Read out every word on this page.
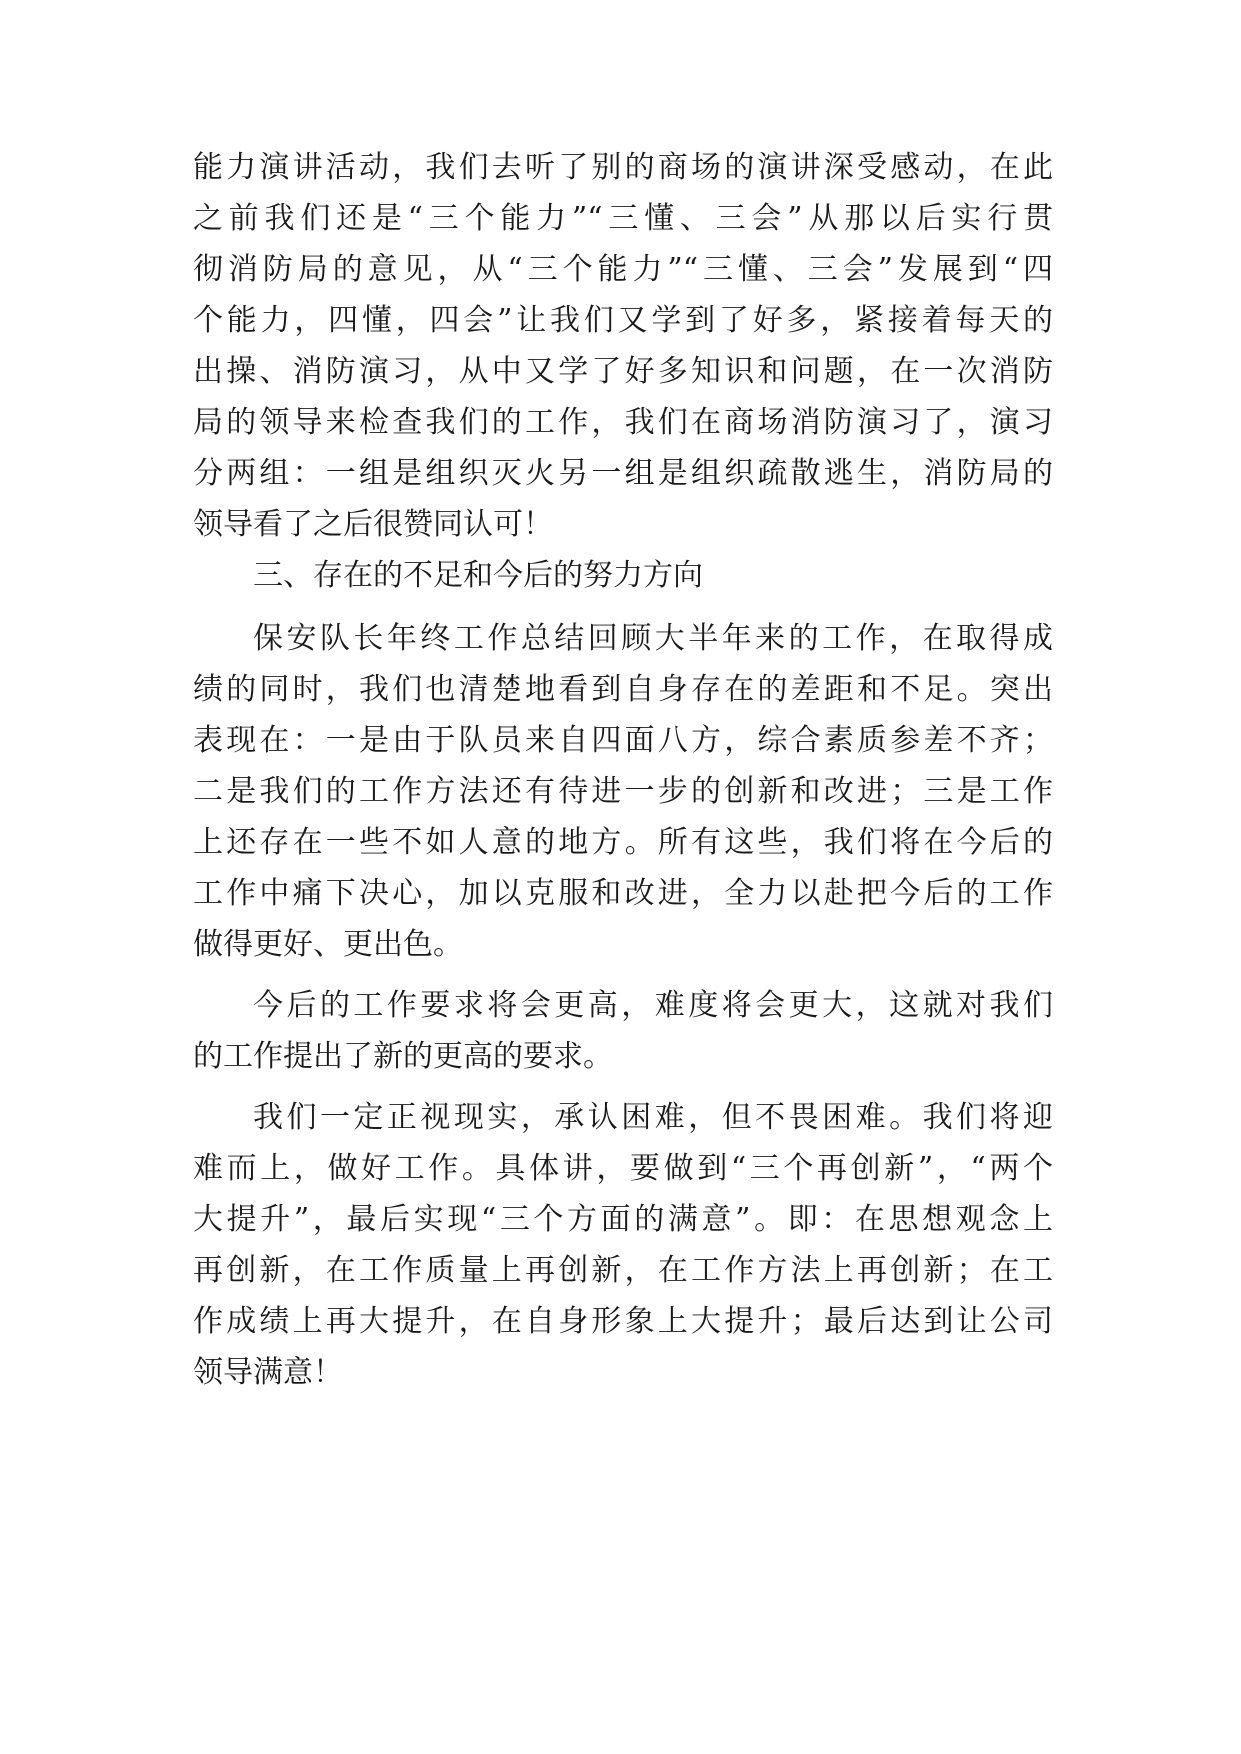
能力演讲活动，我们去听了别的商场的演讲深受感动，在此
之前我们还是“三个能力”“三懂、三会”从那以后实行贯
彻消防局的意见，从“三个能力”“三懂、三会”发展到“四
个能力，四懂，四会”让我们又学到了好多，紧接着每天的
出操、消防演习，从中又学了好多知识和问题，在一次消防
局的领导来检查我们的工作，我们在商场消防演习了，演习
分两组：一组是组织灭火另一组是组织疏散逃生，消防局的
领导看了之后很赞同认可！
三、存在的不足和今后的努力方向
保安队长年终工作总结回顾大半年来的工作，在取得成
绩的同时，我们也清楚地看到自身存在的差距和不足。突出
表现在：一是由于队员来自四面八方，综合素质参差不齐；
二是我们的工作方法还有待进一步的创新和改进；三是工作
上还存在一些不如人意的地方。所有这些，我们将在今后的
工作中痛下决心，加以克服和改进，全力以赴把今后的工作
做得更好、更出色。
今后的工作要求将会更高，难度将会更大，这就对我们
的工作提出了新的更高的要求。
我们一定正视现实，承认困难，但不畏困难。我们将迎
难而上，做好工作。具体讲，要做到“三个再创新”，“两个
大提升”，最后实现“三个方面的满意”。即：在思想观念上
再创新，在工作质量上再创新，在工作方法上再创新；在工
作成绩上再大提升，在自身形象上大提升；最后达到让公司
领导满意！
